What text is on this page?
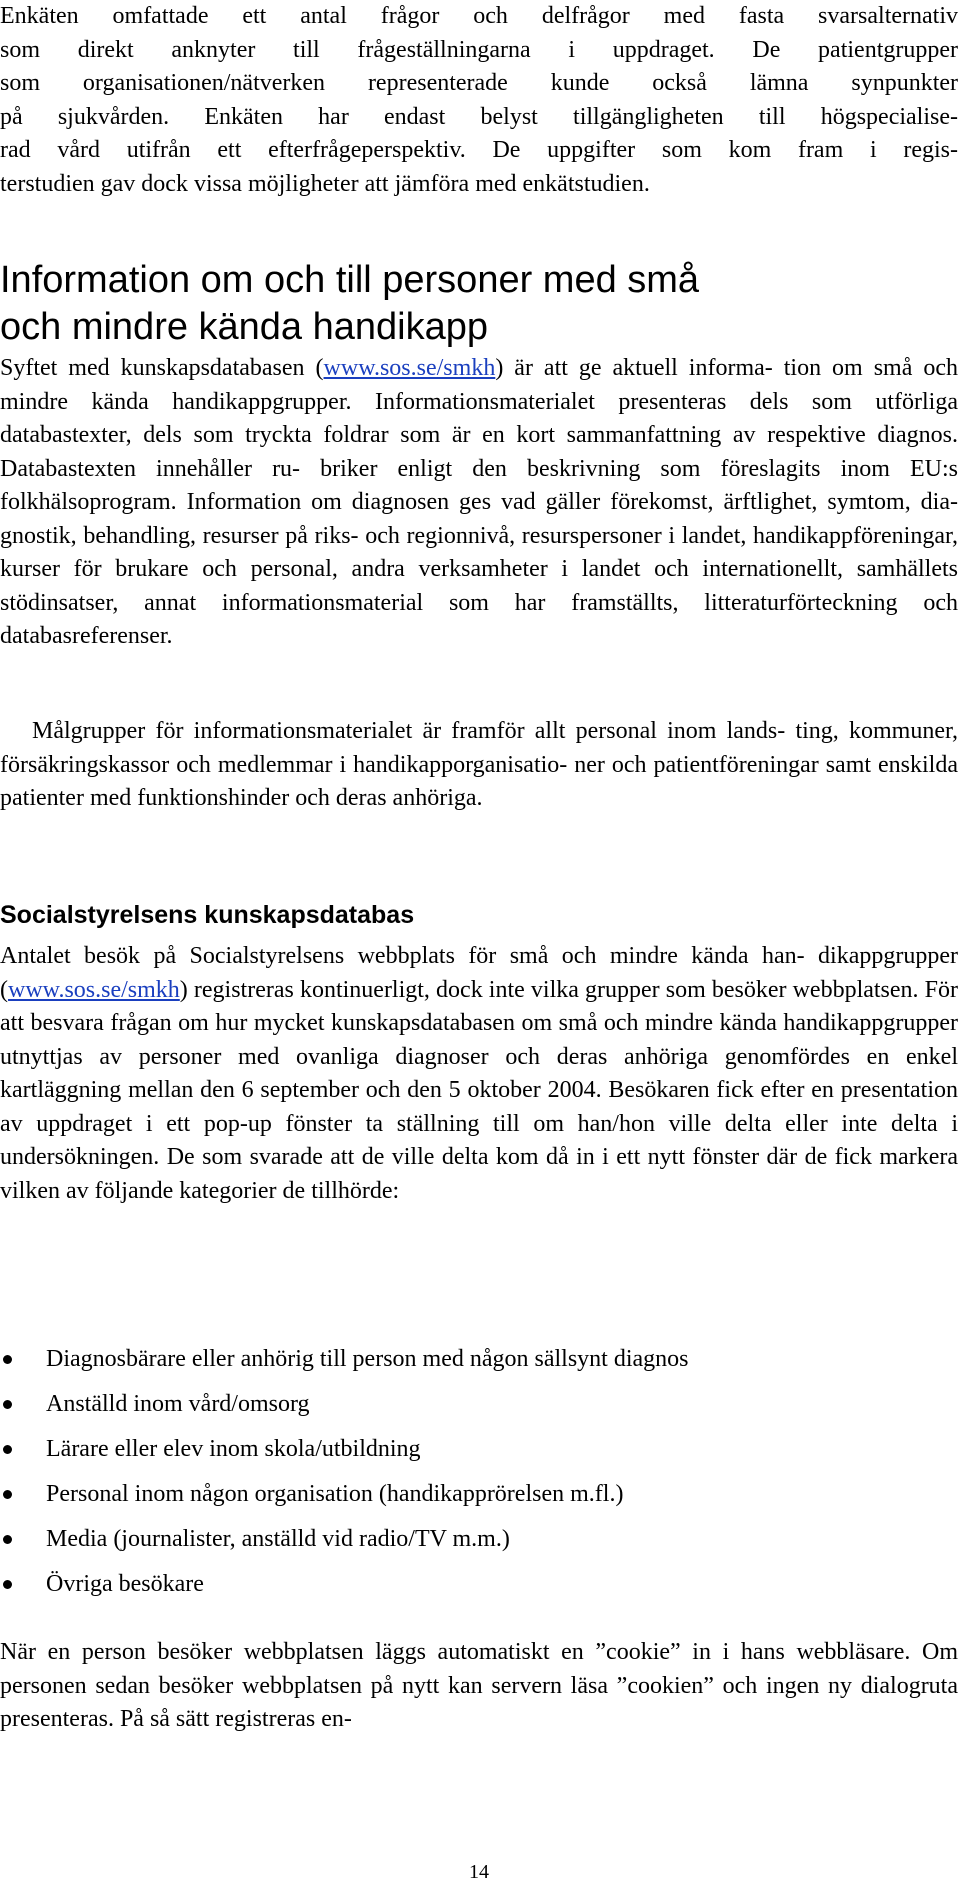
Enkäten omfattade ett antal frågor och delfrågor med fasta svarsalternativ
som direkt anknyter till frågeställningarna i uppdraget. De patientgrupper
som organisationen/nätverken representerade kunde också lämna synpunkter
på sjukvården. Enkäten har endast belyst tillgängligheten till högspecialise-
rad vård utifrån ett efterfrågeperspektiv. De uppgifter som kom fram i regis-
terstudien gav dock vissa möjligheter att jämföra med enkätstudien.
Information om och till personer med små
och mindre kända handikapp

Syftet med kunskapsdatabasen (www.sos.se/smkh) är att ge aktuell informa- tion om små och mindre kända handikappgrupper. Informationsmaterialet presenteras dels som utförliga databastexter, dels som tryckta foldrar som är en kort sammanfattning av respektive diagnos. Databastexten innehåller ru- briker enligt den beskrivning som föreslagits inom EU:s folkhälsoprogram. Information om diagnosen ges vad gäller förekomst, ärftlighet, symtom, dia- gnostik, behandling, resurser på riks- och regionnivå, resurspersoner i landet, handikappföreningar, kurser för brukare och personal, andra verksamheter i landet och internationellt, samhällets stödinsatser, annat informationsmaterial som har framställts, litteraturförteckning och databasreferenser.

Målgrupper för informationsmaterialet är framför allt personal inom lands- ting, kommuner, försäkringskassor och medlemmar i handikapporganisatio- ner och patientföreningar samt enskilda patienter med funktionshinder och deras anhöriga.

Socialstyrelsens kunskapsdatabas

Antalet besök på Socialstyrelsens webbplats för små och mindre kända han- dikappgrupper (www.sos.se/smkh) registreras kontinuerligt, dock inte vilka grupper som besöker webbplatsen. För att besvara frågan om hur mycket kunskapsdatabasen om små och mindre kända handikappgrupper utnyttjas av personer med ovanliga diagnoser och deras anhöriga genomfördes en enkel kartläggning mellan den 6 september och den 5 oktober 2004. Besökaren fick efter en presentation av uppdraget i ett pop-up fönster ta ställning till om han/hon ville delta eller inte delta i undersökningen. De som svarade att de ville delta kom då in i ett nytt fönster där de fick markera vilken av följande kategorier de tillhörde:

Diagnosbärare eller anhörig till person med någon sällsynt diagnos
Anställd inom vård/omsorg
Lärare eller elev inom skola/utbildning
Personal inom någon organisation (handikapprörelsen m.fl.)
Media (journalister, anställd vid radio/TV m.m.)
Övriga besökare

När en person besöker webbplatsen läggs automatiskt en ”cookie” in i hans webbläsare. Om personen sedan besöker webbplatsen på nytt kan servern läsa ”cookien” och ingen ny dialogruta presenteras. På så sätt registreras en-

14
